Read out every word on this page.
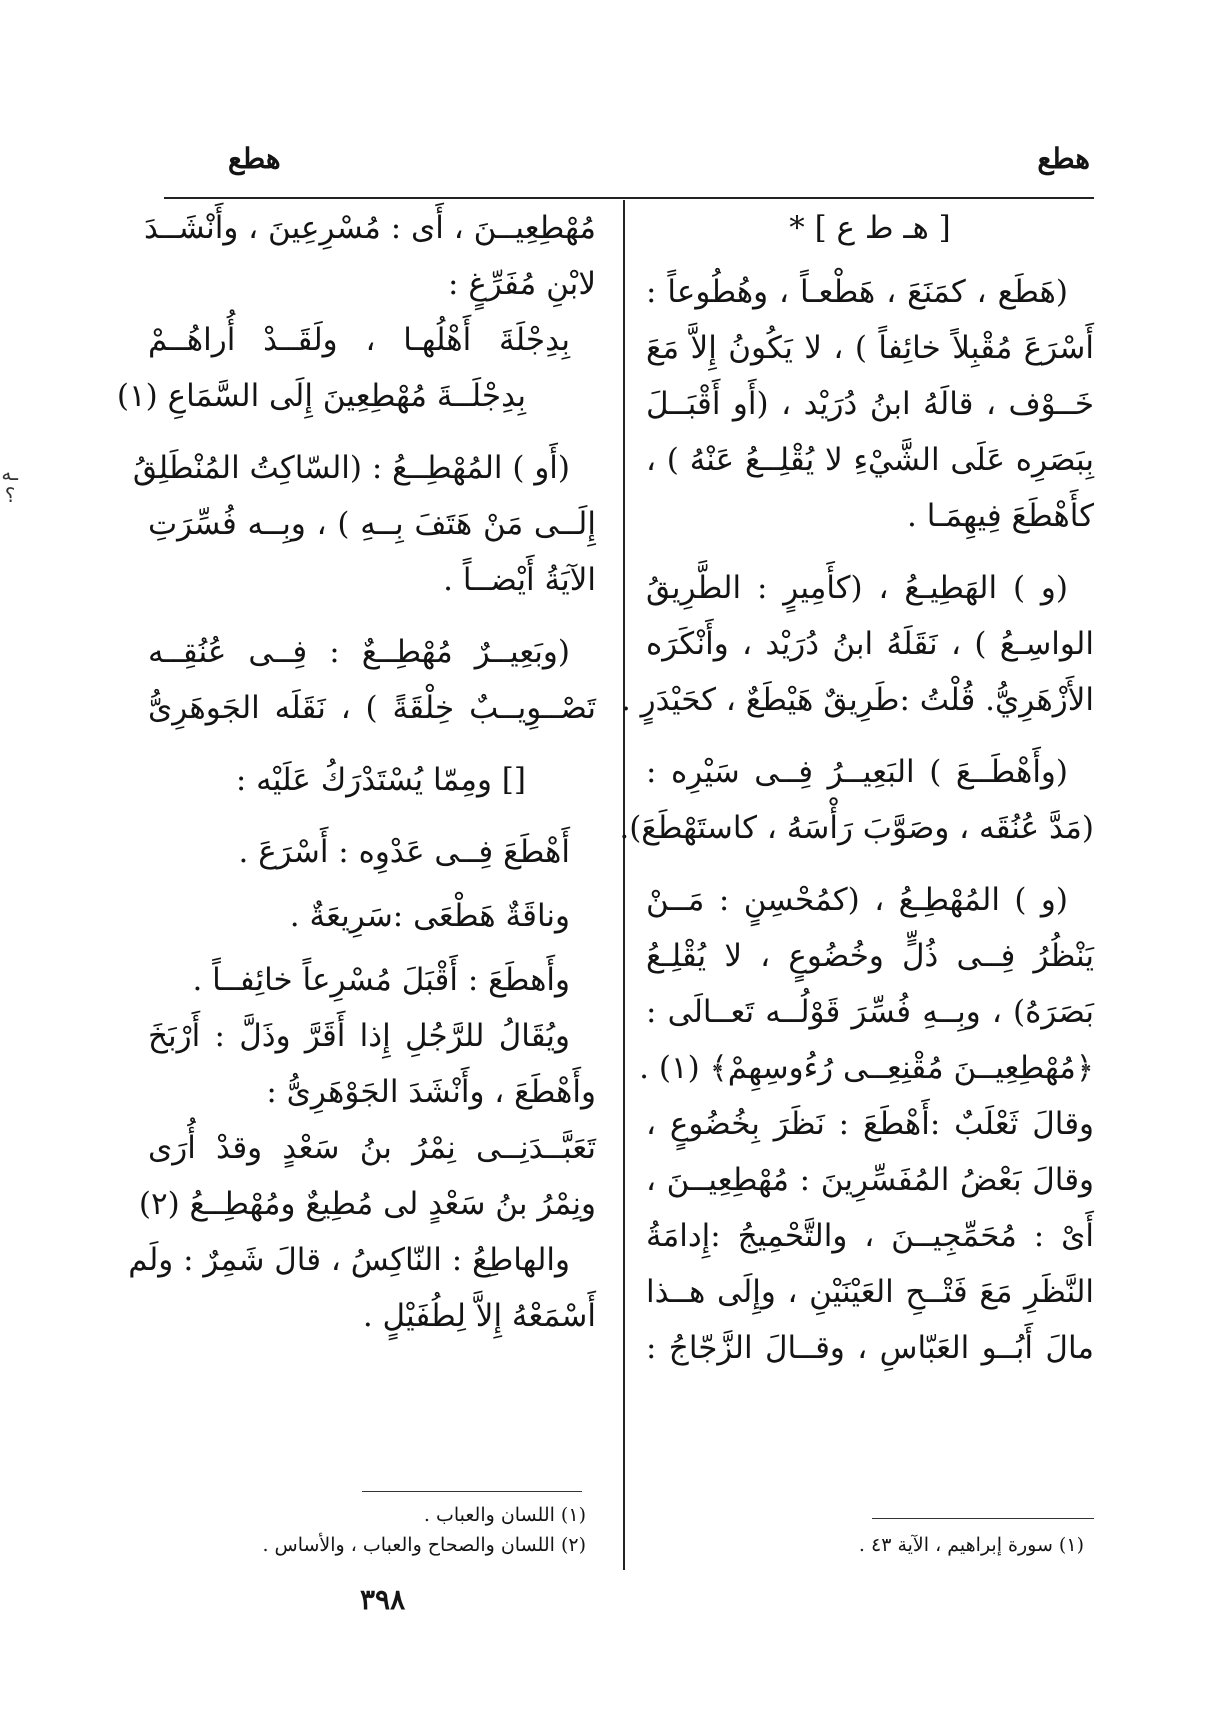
ـه ؟
هطع
هطع
[ هـ ط ع ] *
(هَطَع ، كمَنَعَ ، هَطْعـاً ، وهُطُوعاً :
أَسْرَعَ مُقْبِلاً خائِفاً ) ، لا يَكُونُ إِلاَّ مَعَ
خَــوْف ، قالَهُ ابنُ دُرَيْد ، (أَو أَقْبَــلَ
بِبَصَرِه عَلَى الشَّيْءِ لا يُقْلِــعُ عَنْهُ ) ،
كأَهْطَعَ فِيهِمَـا .
(و ) الهَطِيـعُ ، (كأَمِيرٍ : الطَّرِيقُ
الواسِـعُ ) ، نَقَلَهُ ابنُ دُرَيْد ، وأَنْكَرَه
الأَزْهَرِيُّ. قُلْتُ :طَرِيقٌ هَيْطَعٌ ، كحَيْدَرٍ .
(وأَهْطَــعَ ) البَعِيــرُ فِــى سَيْرِه :
(مَدَّ عُنُقَه ، وصَوَّبَ رَأْسَهُ ، كاستَهْطَعَ).
(و ) المُهْطِـعُ ، (كمُحْسِنٍ : مَــنْ
يَنْظُرُ فِــى ذُلٍّ وخُضُوعٍ ، لا يُقْلِـعُ
بَصَرَهُ) ، وبِــهِ فُسِّرَ قَوْلُــه تَعــالَى :
﴿مُهْطِعِيــنَ مُقْنِعِــى رُءُوسِهِمْ﴾ (١) .
وقالَ ثَعْلَبٌ :أَهْطَعَ : نَظَرَ بِخُضُوعٍ ،
وقالَ بَعْضُ المُفَسِّرِينَ : مُهْطِعِيــنَ ،
أَىْ : مُحَمِّجِيــنَ ، والتَّحْمِيجُ :إِدامَةُ
النَّظَرِ مَعَ فَتْــحِ العَيْنَيْنِ ، وإِلَى هــذا
مالَ أَبُــو العَبّاسِ ، وقــالَ الزَّجّاجُ :
مُهْطِعِيــنَ ، أَى : مُسْرِعِينَ ، وأَنْشَــدَ
لابْنِ مُفَرِّغٍ :
بِدِجْلَةَ أَهْلُهـا ، ولَقَــدْ أُراهُــمْ
بِدِجْلَــةَ مُهْطِعِينَ إِلَى السَّمَاعِ (١)
(أَو ) المُهْطِــعُ : (السّاكِتُ المُنْطَلِقُ
إِلَــى مَنْ هَتَفَ بِــهِ ) ، وبِــه فُسِّرَتِ
الآيَةُ أَيْضــاً .
(وبَعِيــرٌ مُهْطِــعٌ : فِــى عُنُقِــه
تَصْــوِيــبٌ خِلْقَةً ) ، نَقَلَه الجَوهَرِىُّ
[] ومِمّا يُسْتَدْرَكُ عَلَيْه :
أَهْطَعَ فِــى عَدْوِه : أَسْرَعَ .
وناقَةٌ هَطْعَى :سَرِيعَةٌ .
وأَهطَعَ : أَقْبَلَ مُسْرِعاً خائِفــاً .
ويُقَالُ للرَّجُلِ إِذا أَقَرَّ وذَلَّ : أَرْبَخَ
وأَهْطَعَ ، وأَنْشَدَ الجَوْهَرِىُّ :
تَعَبَّــدَنِــى نِمْرُ بنُ سَعْدٍ وقدْ أُرَى
ونِمْرُ بنُ سَعْدٍ لى مُطِيعٌ ومُهْطِــعُ (٢)
والهاطِعُ : النّاكِسُ ، قالَ شَمِرٌ : ولَم
أَسْمَعْهُ إِلاَّ لِطُفَيْلٍ .
(١) اللسان والعباب .
(٢) اللسان والصحاح والعباب ، والأساس .	(١) سورة إبراهيم ، الآية ٤٣ .
٣٩٨
